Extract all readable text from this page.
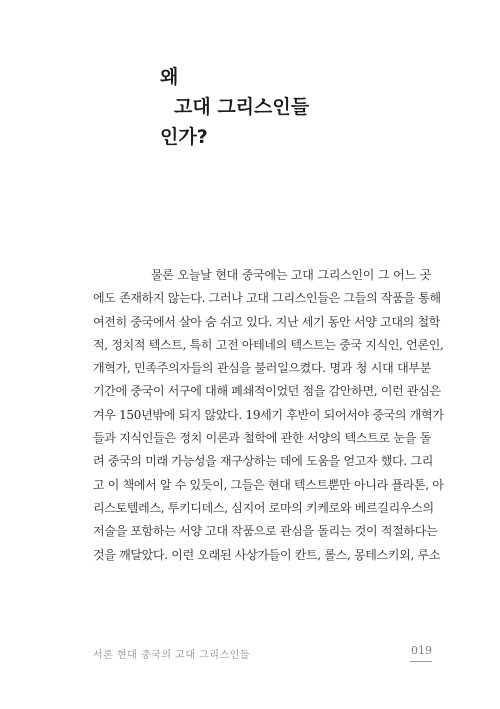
왜
고대 그리스인들
인가?
물론 오늘날 현대 중국에는 고대 그리스인이 그 어느 곳
에도 존재하지 않는다. 그러나 고대 그리스인들은 그들의 작품을 통해
여전히 중국에서 살아 숨 쉬고 있다. 지난 세기 동안 서양 고대의 철학
적, 정치적 텍스트, 특히 고전 아테네의 텍스트는 중국 지식인, 언론인,
개혁가, 민족주의자들의 관심을 불러일으켰다. 명과 청 시대 대부분
기간에 중국이 서구에 대해 폐쇄적이었던 점을 감안하면, 이런 관심은
겨우 150년밖에 되지 않았다. 19세기 후반이 되어서야 중국의 개혁가
들과 지식인들은 정치 이론과 철학에 관한 서양의 텍스트로 눈을 돌
려 중국의 미래 가능성을 재구상하는 데에 도움을 얻고자 했다. 그리
고 이 책에서 알 수 있듯이, 그들은 현대 텍스트뿐만 아니라 플라톤, 아
리스토텔레스, 투키디데스, 심지어 로마의 키케로와 베르길리우스의
저술을 포함하는 서양 고대 작품으로 관심을 돌리는 것이 적절하다는
것을 깨달았다. 이런 오래된 사상가들이 칸트, 롤스, 몽테스키외, 루소
서론 현대 중국의 고대 그리스인들	019
